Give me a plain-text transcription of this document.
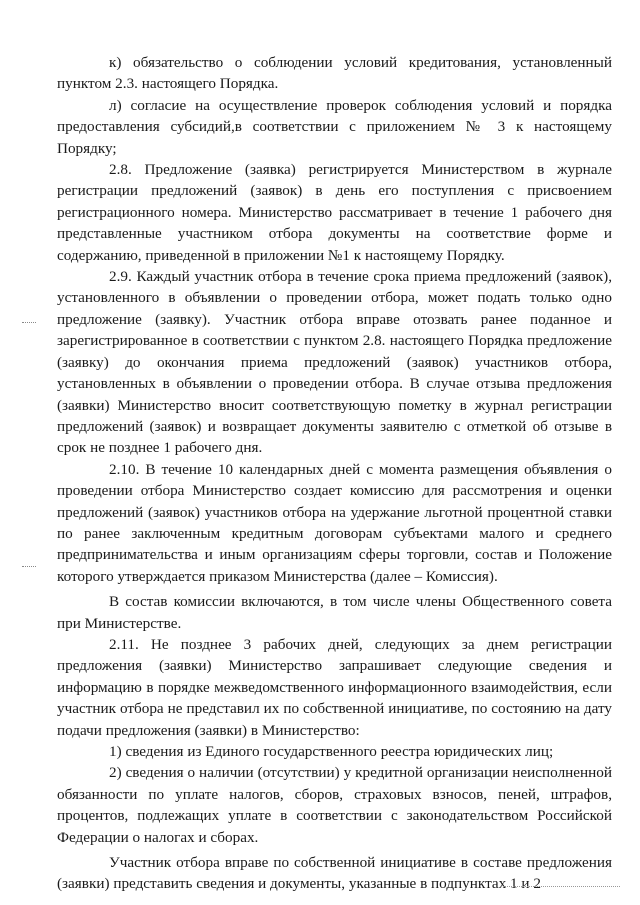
к) обязательство о соблюдении условий кредитования, установленный пунктом 2.3. настоящего Порядка.

л) согласие на осуществление проверок соблюдения условий и порядка предоставления субсидий,в соответствии с приложением № 3 к настоящему Порядку;

2.8. Предложение (заявка) регистрируется Министерством в журнале регистрации предложений (заявок) в день его поступления с присвоением регистрационного номера. Министерство рассматривает в течение 1 рабочего дня представленные участником отбора документы на соответствие форме и содержанию, приведенной в приложении №1 к настоящему Порядку.

2.9. Каждый участник отбора в течение срока приема предложений (заявок), установленного в объявлении о проведении отбора, может подать только одно предложение (заявку). Участник отбора вправе отозвать ранее поданное и зарегистрированное в соответствии с пунктом 2.8. настоящего Порядка предложение (заявку) до окончания приема предложений (заявок) участников отбора, установленных в объявлении о проведении отбора. В случае отзыва предложения (заявки) Министерство вносит соответствующую пометку в журнал регистрации предложений (заявок) и возвращает документы заявителю с отметкой об отзыве в срок не позднее 1 рабочего дня.

2.10. В течение 10 календарных дней с момента размещения объявления о проведении отбора Министерство создает комиссию для рассмотрения и оценки предложений (заявок) участников отбора на удержание льготной процентной ставки по ранее заключенным кредитным договорам субъектами малого и среднего предпринимательства и иным организациям сферы торговли, состав и Положение которого утверждается приказом Министерства (далее – Комиссия).

В состав комиссии включаются, в том числе члены Общественного совета при Министерстве.

2.11. Не позднее 3 рабочих дней, следующих за днем регистрации предложения (заявки) Министерство запрашивает следующие сведения и информацию в порядке межведомственного информационного взаимодействия, если участник отбора не представил их по собственной инициативе, по состоянию на дату подачи предложения (заявки) в Министерство:

1) сведения из Единого государственного реестра юридических лиц;

2) сведения о наличии (отсутствии) у кредитной организации неисполненной обязанности по уплате налогов, сборов, страховых взносов, пеней, штрафов, процентов, подлежащих уплате в соответствии с законодательством Российской Федерации о налогах и сборах.

Участник отбора вправе по собственной инициативе в составе предложения (заявки) представить сведения и документы, указанные в подпунктах 1 и 2
